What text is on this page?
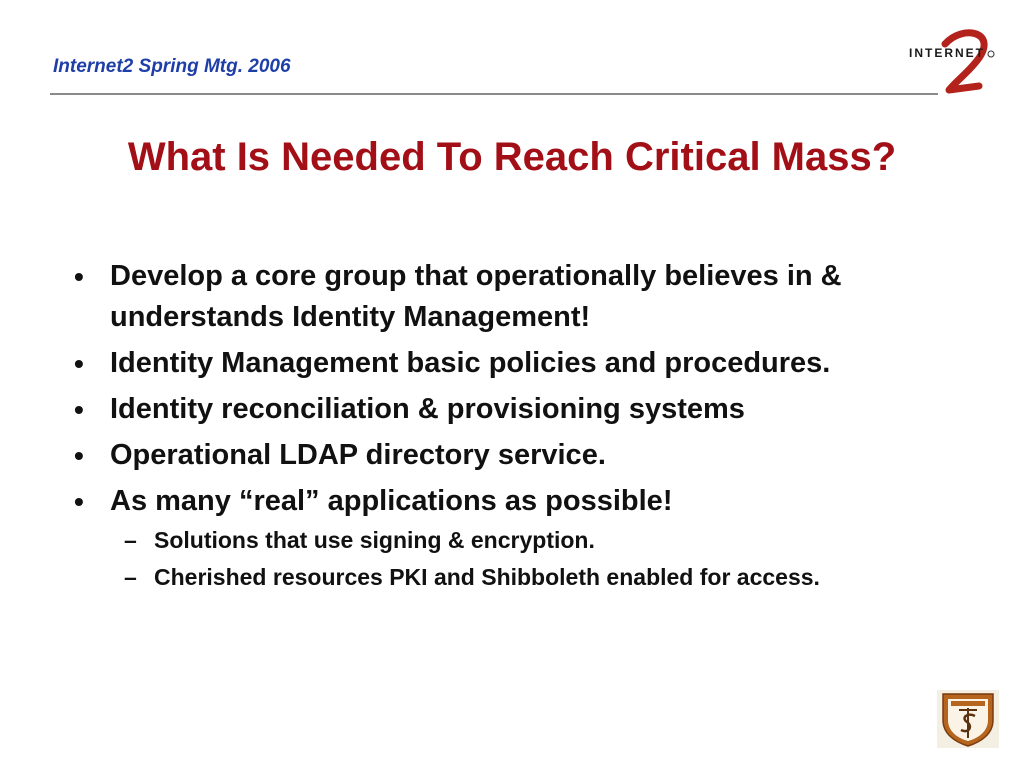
Internet2 Spring Mtg. 2006
INTERNET
What Is Needed To Reach Critical Mass?
• Develop a core group that operationally believes in & understands Identity Management!
• Identity Management basic policies and procedures.
• Identity reconciliation & provisioning systems
• Operational LDAP directory service.
• As many “real” applications as possible!
– Solutions that use signing & encryption.
– Cherished resources PKI and Shibboleth enabled for access.
